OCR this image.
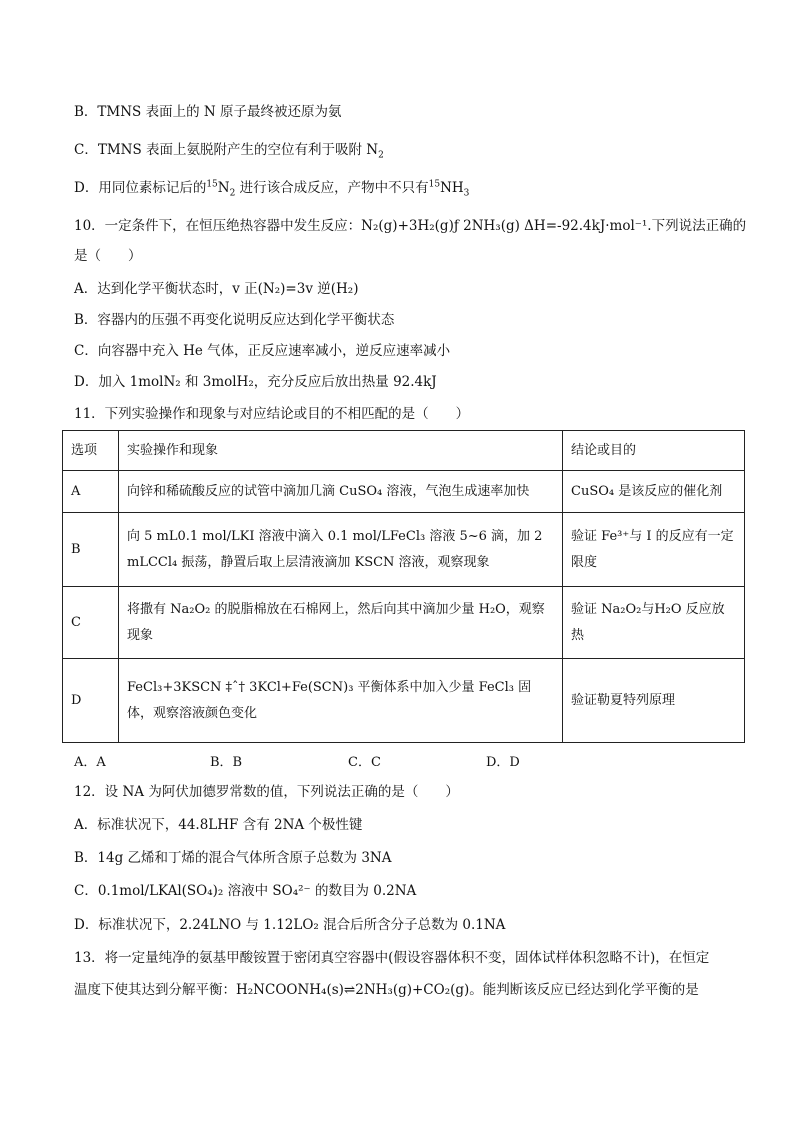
B．TMNS 表面上的 N 原子最终被还原为氨
C．TMNS 表面上氨脱附产生的空位有利于吸附 $N_2$
D．用同位素标记后的$^{15}N_2$ 进行该合成反应，产物中不只有$^{15}NH_3$
10．一定条件下，在恒压绝热容器中发生反应：N₂(g)+3H₂(g)ƒ 2NH₃(g) ΔH=-92.4kJ·mol⁻¹.下列说法正确的
是（　　）
A．达到化学平衡状态时，v 正(N₂)=3v 逆(H₂)
B．容器内的压强不再变化说明反应达到化学平衡状态
C．向容器中充入 He 气体，正反应速率减小，逆反应速率减小
D．加入 1molN₂ 和 3molH₂，充分反应后放出热量 92.4kJ
11．下列实验操作和现象与对应结论或目的不相匹配的是（　　）
选项	实验操作和现象	结论或目的
A	向锌和稀硫酸反应的试管中滴加几滴 CuSO₄ 溶液，气泡生成速率加快	CuSO₄ 是该反应的催化剂
B	向 5 mL0.1 mol/LKI 溶液中滴入 0.1 mol/LFeCl₃ 溶液 5~6 滴，加 2 mLCCl₄ 振荡，静置后取上层清液滴加 KSCN 溶液，观察现象	验证 Fe³⁺与 I 的反应有一定限度
C	将撒有 Na₂O₂ 的脱脂棉放在石棉网上，然后向其中滴加少量 H₂O，观察现象	验证 Na₂O₂与H₂O 反应放热
D	FeCl₃+3KSCN ‡ˆ† 3KCl+Fe(SCN)₃ 平衡体系中加入少量 FeCl₃ 固体，观察溶液颜色变化	验证勒夏特列原理
A．A	B．B	C．C	D．D
12．设 NA 为阿伏加德罗常数的值，下列说法正确的是（　　）
A．标准状况下，44.8LHF 含有 2NA 个极性键
B．14g 乙烯和丁烯的混合气体所含原子总数为 3NA
C．0.1mol/LKAl(SO₄)₂ 溶液中 SO₄²⁻ 的数目为 0.2NA
D．标准状况下，2.24LNO 与 1.12LO₂ 混合后所含分子总数为 0.1NA
13．将一定量纯净的氨基甲酸铵置于密闭真空容器中(假设容器体积不变，固体试样体积忽略不计)，在恒定
温度下使其达到分解平衡：H₂NCOONH₄(s)⇌2NH₃(g)+CO₂(g)。能判断该反应已经达到化学平衡的是
